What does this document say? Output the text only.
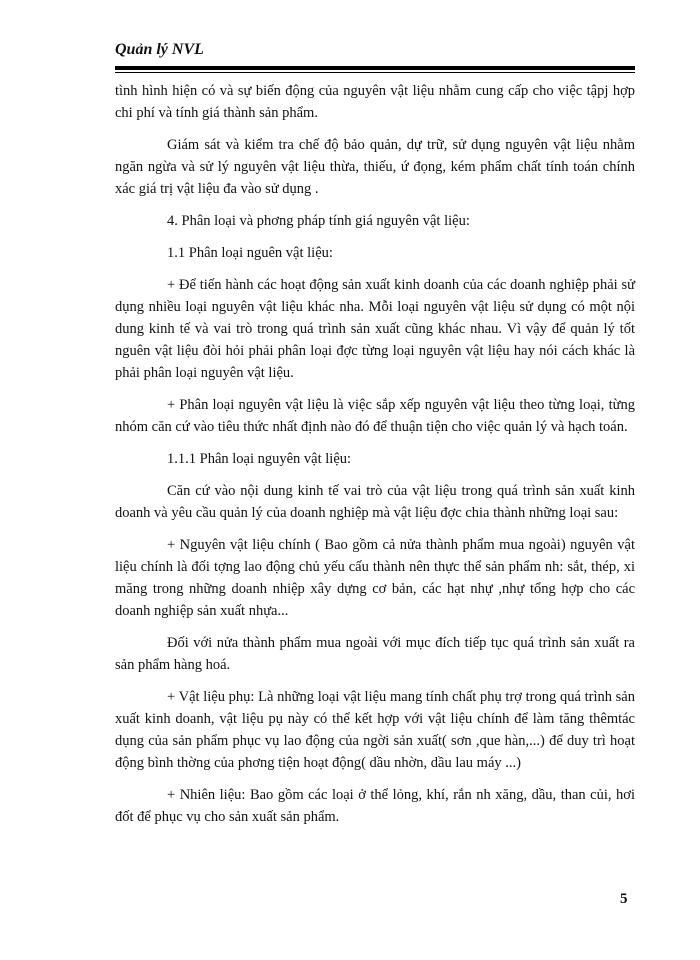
Quản lý NVL

tình hình hiện có và sự biến động của nguyên vật liệu nhằm cung cấp cho việc tậpj hợp chi phí và tính giá thành sản phẩm.

Giám sát và kiểm tra chế độ bảo quản, dự trữ, sử dụng nguyên vật liệu nhằm ngăn ngừa và sử lý nguyên vật liệu thừa, thiếu, ứ đọng, kém phẩm chất tính toán chính xác giá trị vật liệu đa vào sử dụng .

4. Phân loại và phơng pháp tính giá nguyên vật liệu:

1.1 Phân loại nguên vật liệu:

+ Để tiến hành các hoạt động sản xuất kinh doanh của các doanh nghiệp phải sử dụng nhiều loại nguyên vật liệu khác nha. Mỗi loại nguyên vật liệu sử dụng có một nội dung kinh tế và vai trò trong quá trình sản xuất cũng khác nhau. Vì vậy để quản lý tốt nguên vật liệu đòi hỏi phải phân loại đợc từng loại nguyên vật liệu hay nói cách khác là phải phân loại nguyên vật liệu.

+ Phân loại nguyên vật liệu là việc sắp xếp nguyên vật liệu theo từng loại, từng nhóm căn cứ vào tiêu thức nhất định nào đó để thuận tiện cho việc quản lý và hạch toán.

1.1.1 Phân loại nguyên vật liệu:

Căn cứ vào nội dung kinh tế vai trò của vật liệu trong quá trình sản xuất kinh doanh và yêu cầu quản lý của doanh nghiệp mà vật liệu đợc chia thành những loại sau:

+ Nguyên vật liệu chính ( Bao gồm cả nửa thành phẩm mua ngoài) nguyên vật liệu chính là đối tợng lao động chủ yếu cấu thành nên thực thể sản phẩm nh: sắt, thép, xi măng trong những doanh nhiệp xây dựng cơ bản, các hạt nhự ,nhự tổng hợp cho các doanh nghiệp sản xuất nhựa...

Đối với nửa thành phẩm mua ngoài với mục đích tiếp tục quá trình sản xuất ra sản phẩm hàng hoá.

+ Vật liệu phụ: Là những loại vật liệu mang tính chất phụ trợ trong quá trình sản xuất kinh doanh, vật liệu pụ này có thể kết hợp với vật liệu chính để làm tăng thêmtác dụng của sản phẩm phục vụ lao động của ngời sản xuất( sơn ,que hàn,...) để duy trì hoạt động bình thờng của phơng tiện hoạt động( dầu nhờn, dầu lau máy ...)

+ Nhiên liệu: Bao gồm các loại ở thể lỏng, khí, rắn nh xăng, dầu, than củi, hơi đốt để phục vụ cho sản xuất sản phẩm.

5
